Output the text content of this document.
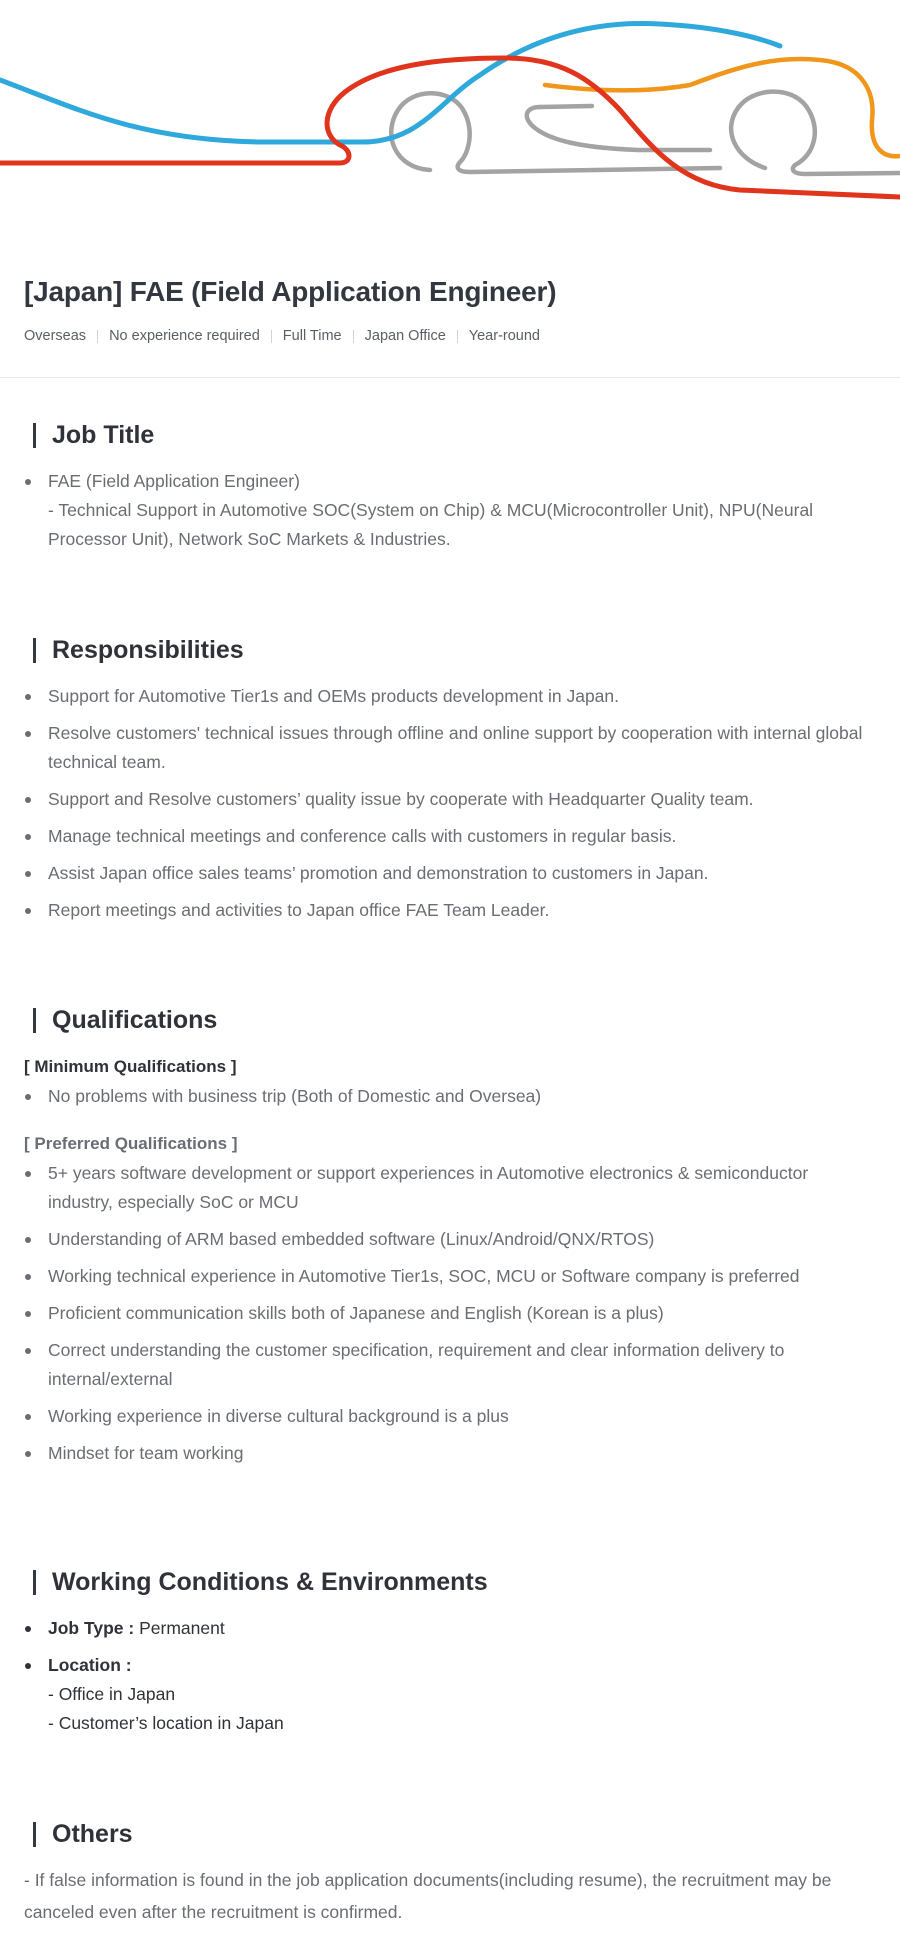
[Japan] FAE (Field Application Engineer)
Overseas	No experience required	Full Time	Japan Office	Year-round
Job Title
FAE (Field Application Engineer)
- Technical Support in Automotive SOC(System on Chip) & MCU(Microcontroller Unit), NPU(Neural Processor Unit), Network SoC Markets & Industries.
Responsibilities
Support for Automotive Tier1s and OEMs products development in Japan.
Resolve customers' technical issues through offline and online support by cooperation with internal global technical team.
Support and Resolve customers’ quality issue by cooperate with Headquarter Quality team.
Manage technical meetings and conference calls with customers in regular basis.
Assist Japan office sales teams’ promotion and demonstration to customers in Japan.
Report meetings and activities to Japan office FAE Team Leader.
Qualifications
[ Minimum Qualifications ]
No problems with business trip (Both of Domestic and Oversea)
[ Preferred Qualifications ]
5+ years software development or support experiences in Automotive electronics & semiconductor industry, especially SoC or MCU
Understanding of ARM based embedded software (Linux/Android/QNX/RTOS)
Working technical experience in Automotive Tier1s, SOC, MCU or Software company is preferred
Proficient communication skills both of Japanese and English (Korean is a plus)
Correct understanding the customer specification, requirement and clear information delivery to internal/external
Working experience in diverse cultural background is a plus
Mindset for team working
Working Conditions & Environments
Job Type : Permanent
Location :
- Office in Japan
- Customer’s location in Japan
Others

- If false information is found in the job application documents(including resume), the recruitment may be canceled even after the recruitment is confirmed.
